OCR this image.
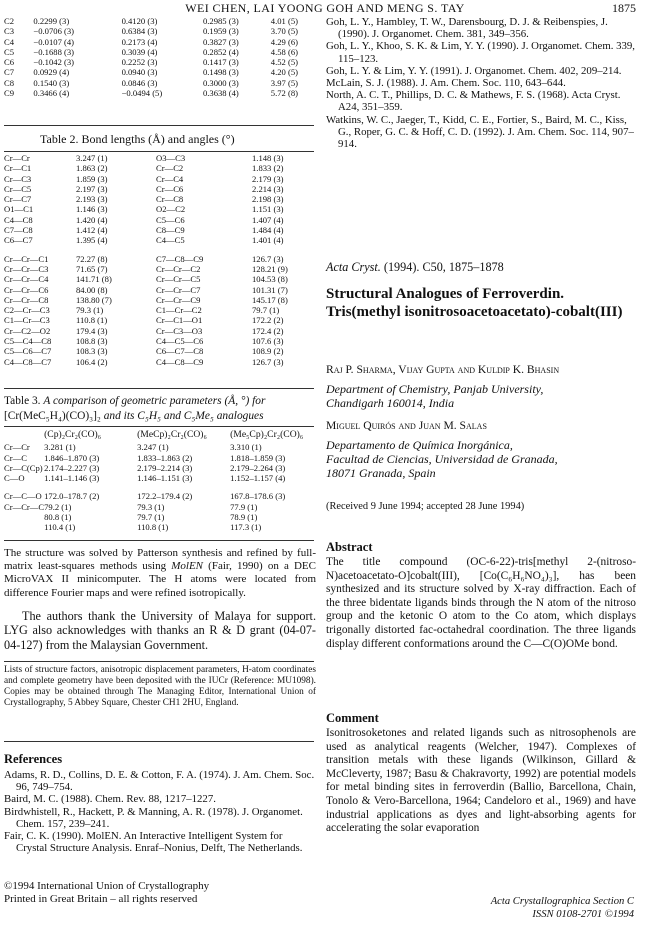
WEI CHEN, LAI YOONG GOH AND MENG S. TAY	1875
C2	0.2299 (3)	0.4120 (3)	0.2985 (3)	4.01 (5)
C3	−0.0706 (3)	0.6384 (3)	0.1959 (3)	3.70 (5)
C4	−0.0107 (4)	0.2173 (4)	0.3827 (3)	4.29 (6)
C5	−0.1688 (3)	0.3039 (4)	0.2852 (4)	4.58 (6)
C6	−0.1042 (3)	0.2252 (3)	0.1417 (3)	4.52 (5)
C7	0.0929 (4)	0.0940 (3)	0.1498 (3)	4.20 (5)
C8	0.1540 (3)	0.0846 (3)	0.3000 (3)	3.97 (5)
C9	0.3466 (4)	−0.0494 (5)	0.3638 (4)	5.72 (8)
Table 2. Bond lengths (Å) and angles (°)
Cr—Cr	3.247 (1)	O3—C3	1.148 (3)
Cr—C1	1.863 (2)	Cr—C2	1.833 (2)
Cr—C3	1.859 (3)	Cr—C4	2.179 (3)
Cr—C5	2.197 (3)	Cr—C6	2.214 (3)
Cr—C7	2.193 (3)	Cr—C8	2.198 (3)
O1—C1	1.146 (3)	O2—C2	1.151 (3)
C4—C8	1.420 (4)	C5—C6	1.407 (4)
C7—C8	1.412 (4)	C8—C9	1.484 (4)
C6—C7	1.395 (4)	C4—C5	1.401 (4)

Cr—Cr—C1	72.27 (8)	C7—C8—C9	126.7 (3)
Cr—Cr—C3	71.65 (7)	Cr—Cr—C2	128.21 (9)
Cr—Cr—C4	141.71 (8)	Cr—Cr—C5	104.53 (8)
Cr—Cr—C6	84.00 (8)	Cr—Cr—C7	101.31 (7)
Cr—Cr—C8	138.80 (7)	Cr—Cr—C9	145.17 (8)
C2—Cr—C3	79.3 (1)	C1—Cr—C2	79.7 (1)
C1—Cr—C3	110.8 (1)	Cr—C1—O1	172.2 (2)
Cr—C2—O2	179.4 (3)	Cr—C3—O3	172.4 (2)
C5—C4—C8	108.8 (3)	C4—C5—C6	107.6 (3)
C5—C6—C7	108.3 (3)	C6—C7—C8	108.9 (2)
C4—C8—C7	106.4 (2)	C4—C8—C9	126.7 (3)
Table 3. A comparison of geometric parameters (Å, °) for
[Cr(MeC₅H₄)(CO)₃]₂ and its C₅H₅ and C₅Me₅ analogues
	(Cp)₂Cr₂(CO)₆	(MeCp)₂Cr₂(CO)₆	(Me₅Cp)₂Cr₂(CO)₆
Cr—Cr	3.281 (1)	3.247 (1)	3.310 (1)
Cr—C	1.846–1.870 (3)	1.833–1.863 (2)	1.818–1.859 (3)
Cr—C(Cp)	2.174–2.227 (3)	2.179–2.214 (3)	2.179–2.264 (3)
C—O	1.141–1.146 (3)	1.146–1.151 (3)	1.152–1.157 (4)

Cr—C—O	172.0–178.7 (2)	172.2–179.4 (2)	167.8–178.6 (3)
Cr—Cr—C	79.2 (1)	79.3 (1)	77.9 (1)
	80.8 (1)	79.7 (1)	78.9 (1)
	110.4 (1)	110.8 (1)	117.3 (1)
The structure was solved by Patterson synthesis and refined by full-matrix least-squares methods using MolEN (Fair, 1990) on a DEC MicroVAX II minicomputer. The H atoms were located from difference Fourier maps and were refined isotropically.
The authors thank the University of Malaya for support. LYG also acknowledges with thanks an R & D grant (04-07-04-127) from the Malaysian Government.
Lists of structure factors, anisotropic displacement parameters, H-atom coordinates and complete geometry have been deposited with the IUCr (Reference: MU1098). Copies may be obtained through The Managing Editor, International Union of Crystallography, 5 Abbey Square, Chester CH1 2HU, England.
References
Adams, R. D., Collins, D. E. & Cotton, F. A. (1974). J. Am. Chem. Soc. 96, 749–754.
Baird, M. C. (1988). Chem. Rev. 88, 1217–1227.
Birdwhistell, R., Hackett, P. & Manning, A. R. (1978). J. Organomet. Chem. 157, 239–241.
Fair, C. K. (1990). MolEN. An Interactive Intelligent System for Crystal Structure Analysis. Enraf–Nonius, Delft, The Netherlands.
©1994 International Union of Crystallography
Printed in Great Britain – all rights reserved
Goh, L. Y., Hambley, T. W., Darensbourg, D. J. & Reibenspies, J. (1990). J. Organomet. Chem. 381, 349–356.
Goh, L. Y., Khoo, S. K. & Lim, Y. Y. (1990). J. Organomet. Chem. 339, 115–123.
Goh, L. Y. & Lim, Y. Y. (1991). J. Organomet. Chem. 402, 209–214.
McLain, S. J. (1988). J. Am. Chem. Soc. 110, 643–644.
North, A. C. T., Phillips, D. C. & Mathews, F. S. (1968). Acta Cryst. A24, 351–359.
Watkins, W. C., Jaeger, T., Kidd, C. E., Fortier, S., Baird, M. C., Kiss, G., Roper, G. C. & Hoff, C. D. (1992). J. Am. Chem. Soc. 114, 907–914.
Acta Cryst. (1994). C50, 1875–1878
Structural Analogues of Ferroverdin. Tris(methyl isonitrosoacetoacetato)-cobalt(III)
Raj P. Sharma, Vijay Gupta and Kuldip K. Bhasin
Department of Chemistry, Panjab University,
Chandigarh 160014, India
Miguel Quirós and Juan M. Salas
Departamento de Química Inorgánica,
Facultad de Ciencias, Universidad de Granada,
18071 Granada, Spain
(Received 9 June 1994; accepted 28 June 1994)
Abstract
The title compound (OC-6-22)-tris[methyl 2-(nitroso-N)acetoacetato-O]cobalt(III), [Co(C₆H₆NO₄)₃], has been synthesized and its structure solved by X-ray diffraction. Each of the three bidentate ligands binds through the N atom of the nitroso group and the ketonic O atom to the Co atom, which displays trigonally distorted fac-octahedral coordination. The three ligands display different conformations around the C—C(O)OMe bond.
Comment
Isonitrosoketones and related ligands such as nitrosophenols are used as analytical reagents (Welcher, 1947). Complexes of transition metals with these ligands (Wilkinson, Gillard & McCleverty, 1987; Basu & Chakravorty, 1992) are potential models for metal binding sites in ferroverdin (Ballio, Barcellona, Chain, Tonolo & Vero-Barcellona, 1964; Candeloro et al., 1969) and have industrial applications as dyes and light-absorbing agents for accelerating the solar evaporation
Acta Crystallographica Section C
ISSN 0108-2701 ©1994
